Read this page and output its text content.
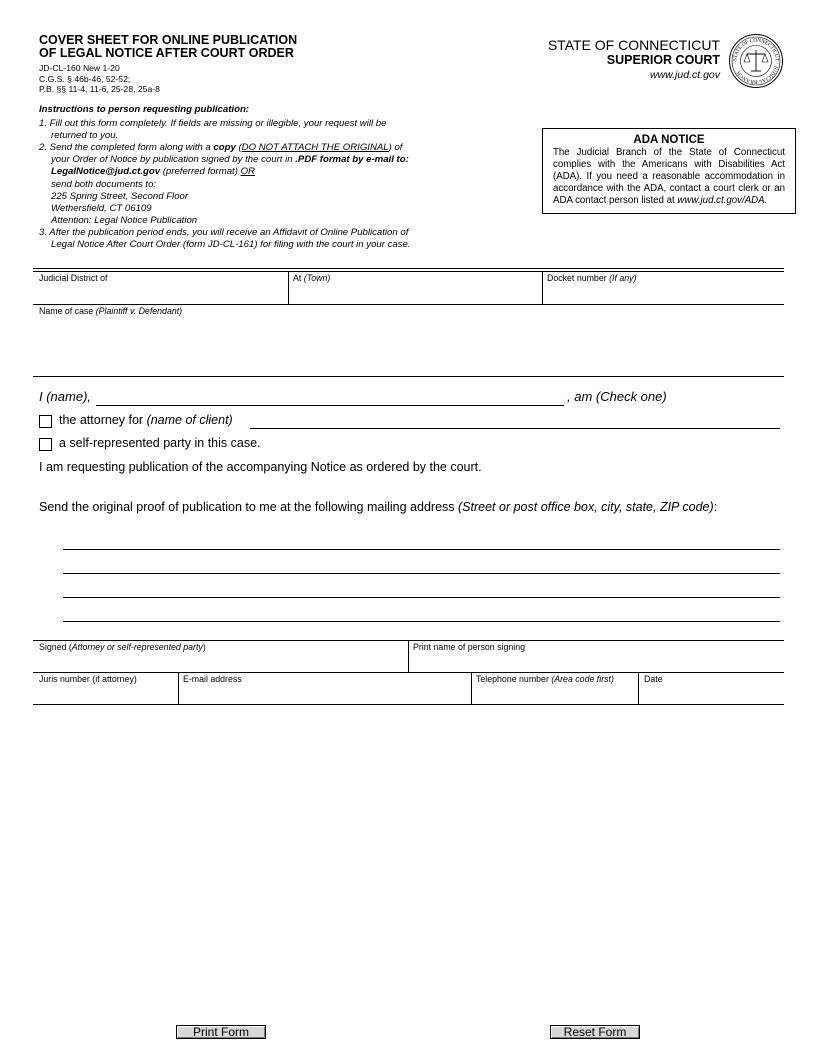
COVER SHEET FOR ONLINE PUBLICATION
OF LEGAL NOTICE AFTER COURT ORDER
JD-CL-160 New 1-20
C.G.S. § 46b-46, 52-52;
P.B. §§ 11-4, 11-6, 25-28, 25a-8
STATE OF CONNECTICUT
SUPERIOR COURT
www.jud.ct.gov
STATE OF CONNECTICUT · JUDICIAL BRANCH
Instructions to person requesting publication:
1. Fill out this form completely. If fields are missing or illegible, your request will be
returned to you.
2. Send the completed form along with a copy (DO NOT ATTACH THE ORIGINAL) of
your Order of Notice by publication signed by the court in .PDF format by e-mail to:
LegalNotice@jud.ct.gov (preferred format) OR
send both documents to:
225 Spring Street, Second Floor
Wethersfield, CT 06109
Attention: Legal Notice Publication
3. After the publication period ends, you will receive an Affidavit of Online Publication of
Legal Notice After Court Order (form JD-CL-161) for filing with the court in your case.
ADA NOTICE
The Judicial Branch of the State of Connecticut complies with the Americans with Disabilities Act (ADA). If you need a reasonable accommodation in accordance with the ADA, contact a court clerk or an ADA contact person listed at www.jud.ct.gov/ADA.
Judicial District of	At (Town)	Docket number (If any)
Name of case (Plaintiff v. Defendant)
I (name),	, am (Check one)
the attorney for (name of client)
a self-represented party in this case.
I am requesting publication of the accompanying Notice as ordered by the court.
Send the original proof of publication to me at the following mailing address (Street or post office box, city, state, ZIP code):
Signed (Attorney or self-represented party)	Print name of person signing
Juris number (if attorney)	E-mail address	Telephone number (Area code first)	Date
Print Form	Reset Form
